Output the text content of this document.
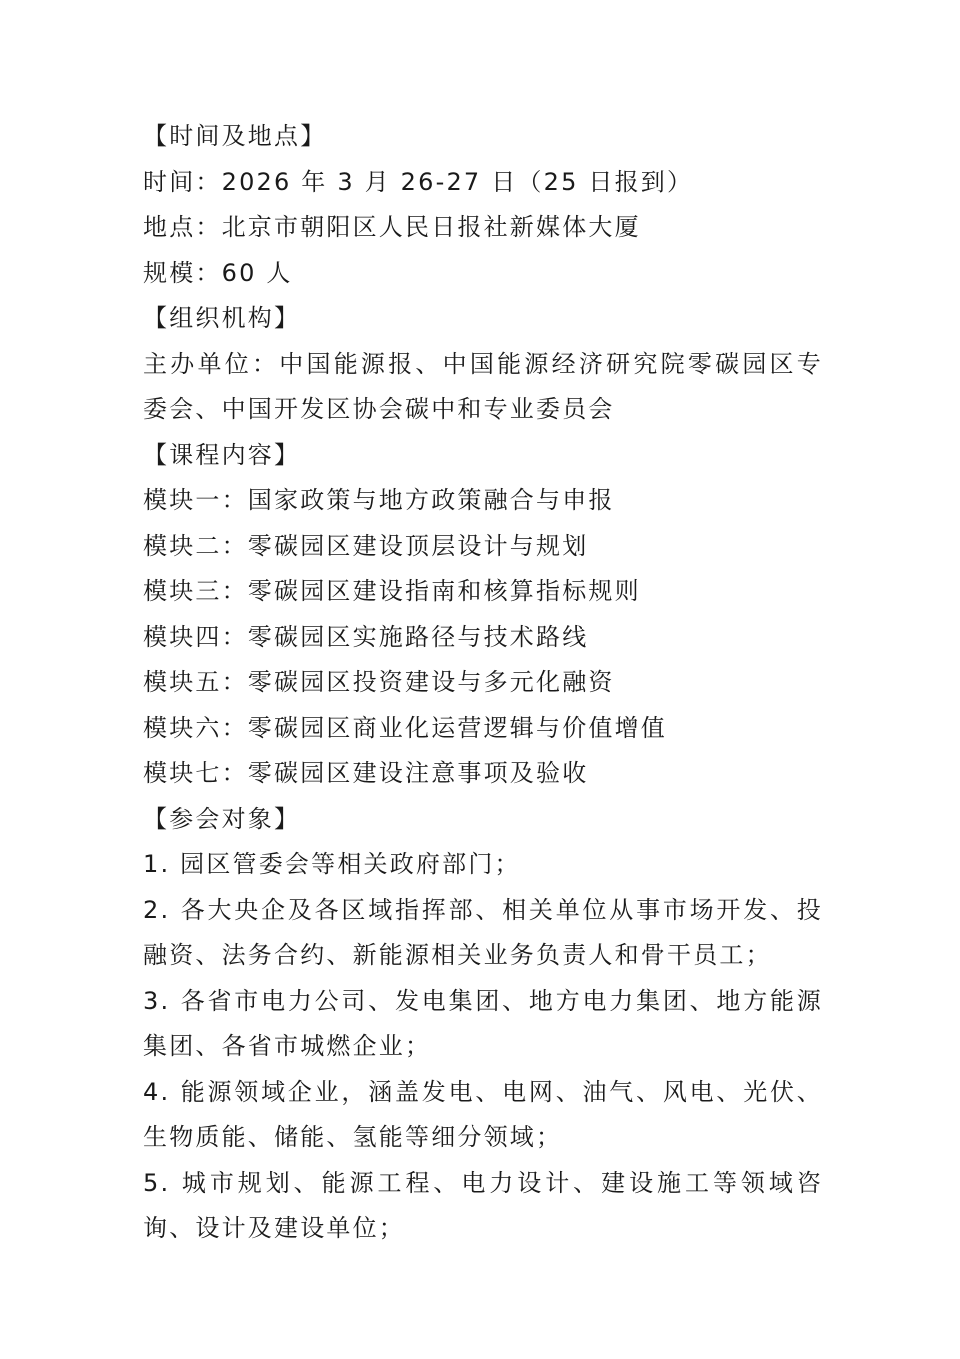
【时间及地点】
时间：2026 年 3 月 26-27 日（25 日报到）
地点：北京市朝阳区人民日报社新媒体大厦
规模：60 人
【组织机构】
主办单位：中国能源报、中国能源经济研究院零碳园区专委会、中国开发区协会碳中和专业委员会
【课程内容】
模块一：国家政策与地方政策融合与申报
模块二：零碳园区建设顶层设计与规划
模块三：零碳园区建设指南和核算指标规则
模块四：零碳园区实施路径与技术路线
模块五：零碳园区投资建设与多元化融资
模块六：零碳园区商业化运营逻辑与价值增值
模块七：零碳园区建设注意事项及验收
【参会对象】
1. 园区管委会等相关政府部门；
2. 各大央企及各区域指挥部、相关单位从事市场开发、投融资、法务合约、新能源相关业务负责人和骨干员工；
3. 各省市电力公司、发电集团、地方电力集团、地方能源集团、各省市城燃企业；
4. 能源领域企业，涵盖发电、电网、油气、风电、光伏、生物质能、储能、氢能等细分领域；
5. 城市规划、能源工程、电力设计、建设施工等领域咨询、设计及建设单位；
